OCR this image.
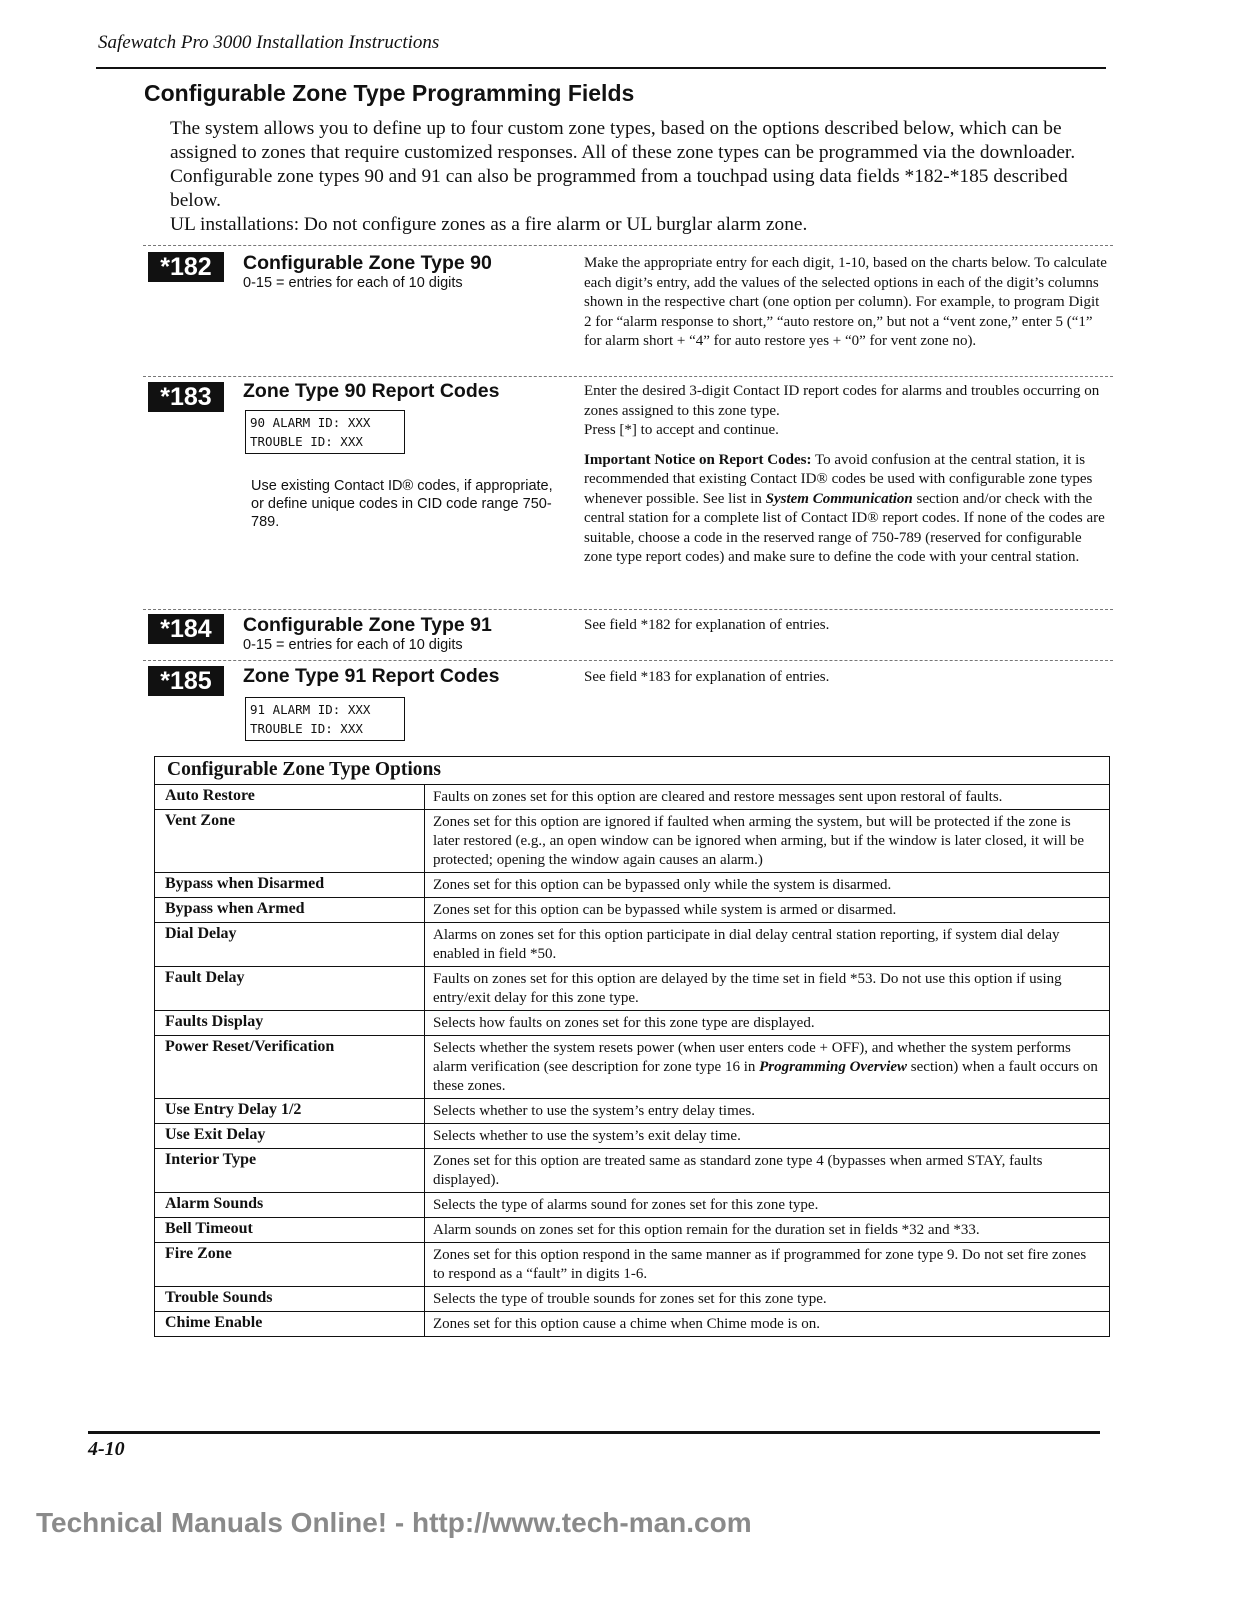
Safewatch Pro 3000 Installation Instructions
Configurable Zone Type Programming Fields

The system allows you to define up to four custom zone types, based on the options described below, which can be assigned to zones that require customized responses. All of these zone types can be programmed via the downloader. Configurable zone types 90 and 91 can also be programmed from a touchpad using data fields *182-*185 described below.

UL installations: Do not configure zones as a fire alarm or UL burglar alarm zone.

*182	Configurable Zone Type 90
0-15 = entries for each of 10 digits
Make the appropriate entry for each digit, 1-10, based on the charts below. To calculate each digit’s entry, add the values of the selected options in each of the digit’s columns shown in the respective chart (one option per column). For example, to program Digit 2 for “alarm response to short,” “auto restore on,” but not a “vent zone,” enter 5 (“1” for alarm short + “4” for auto restore yes + “0” for vent zone no).
*183	Zone Type 90 Report Codes
90 ALARM ID: XXX
TROUBLE ID: XXX
Use existing Contact ID® codes, if appropriate, or define unique codes in CID code range 750-789.

Enter the desired 3-digit Contact ID report codes for alarms and troubles occurring on zones assigned to this zone type.

Press [*] to accept and continue.

Important Notice on Report Codes: To avoid confusion at the central station, it is recommended that existing Contact ID® codes be used with configurable zone types whenever possible. See list in System Communication section and/or check with the central station for a complete list of Contact ID® report codes. If none of the codes are suitable, choose a code in the reserved range of 750-789 (reserved for configurable zone type report codes) and make sure to define the code with your central station.

*184	Configurable Zone Type 91
0-15 = entries for each of 10 digits
See field *182 for explanation of entries.
*185	Zone Type 91 Report Codes
91 ALARM ID: XXX
TROUBLE ID: XXX
See field *183 for explanation of entries.
Configurable Zone Type Options
Auto Restore	Faults on zones set for this option are cleared and restore messages sent upon restoral of faults.
Vent Zone	Zones set for this option are ignored if faulted when arming the system, but will be protected if the zone is later restored (e.g., an open window can be ignored when arming, but if the window is later closed, it will be protected; opening the window again causes an alarm.)
Bypass when Disarmed	Zones set for this option can be bypassed only while the system is disarmed.
Bypass when Armed	Zones set for this option can be bypassed while system is armed or disarmed.
Dial Delay	Alarms on zones set for this option participate in dial delay central station reporting, if system dial delay enabled in field *50.
Fault Delay	Faults on zones set for this option are delayed by the time set in field *53. Do not use this option if using entry/exit delay for this zone type.
Faults Display	Selects how faults on zones set for this zone type are displayed.
Power Reset/Verification	Selects whether the system resets power (when user enters code + OFF), and whether the system performs alarm verification (see description for zone type 16 in Programming Overview section) when a fault occurs on these zones.
Use Entry Delay 1/2	Selects whether to use the system’s entry delay times.
Use Exit Delay	Selects whether to use the system’s exit delay time.
Interior Type	Zones set for this option are treated same as standard zone type 4 (bypasses when armed STAY, faults displayed).
Alarm Sounds	Selects the type of alarms sound for zones set for this zone type.
Bell Timeout	Alarm sounds on zones set for this option remain for the duration set in fields *32 and *33.
Fire Zone	Zones set for this option respond in the same manner as if programmed for zone type 9. Do not set fire zones to respond as a “fault” in digits 1-6.
Trouble Sounds	Selects the type of trouble sounds for zones set for this zone type.
Chime Enable	Zones set for this option cause a chime when Chime mode is on.
4-10
Technical Manuals Online! - http://www.tech-man.com
